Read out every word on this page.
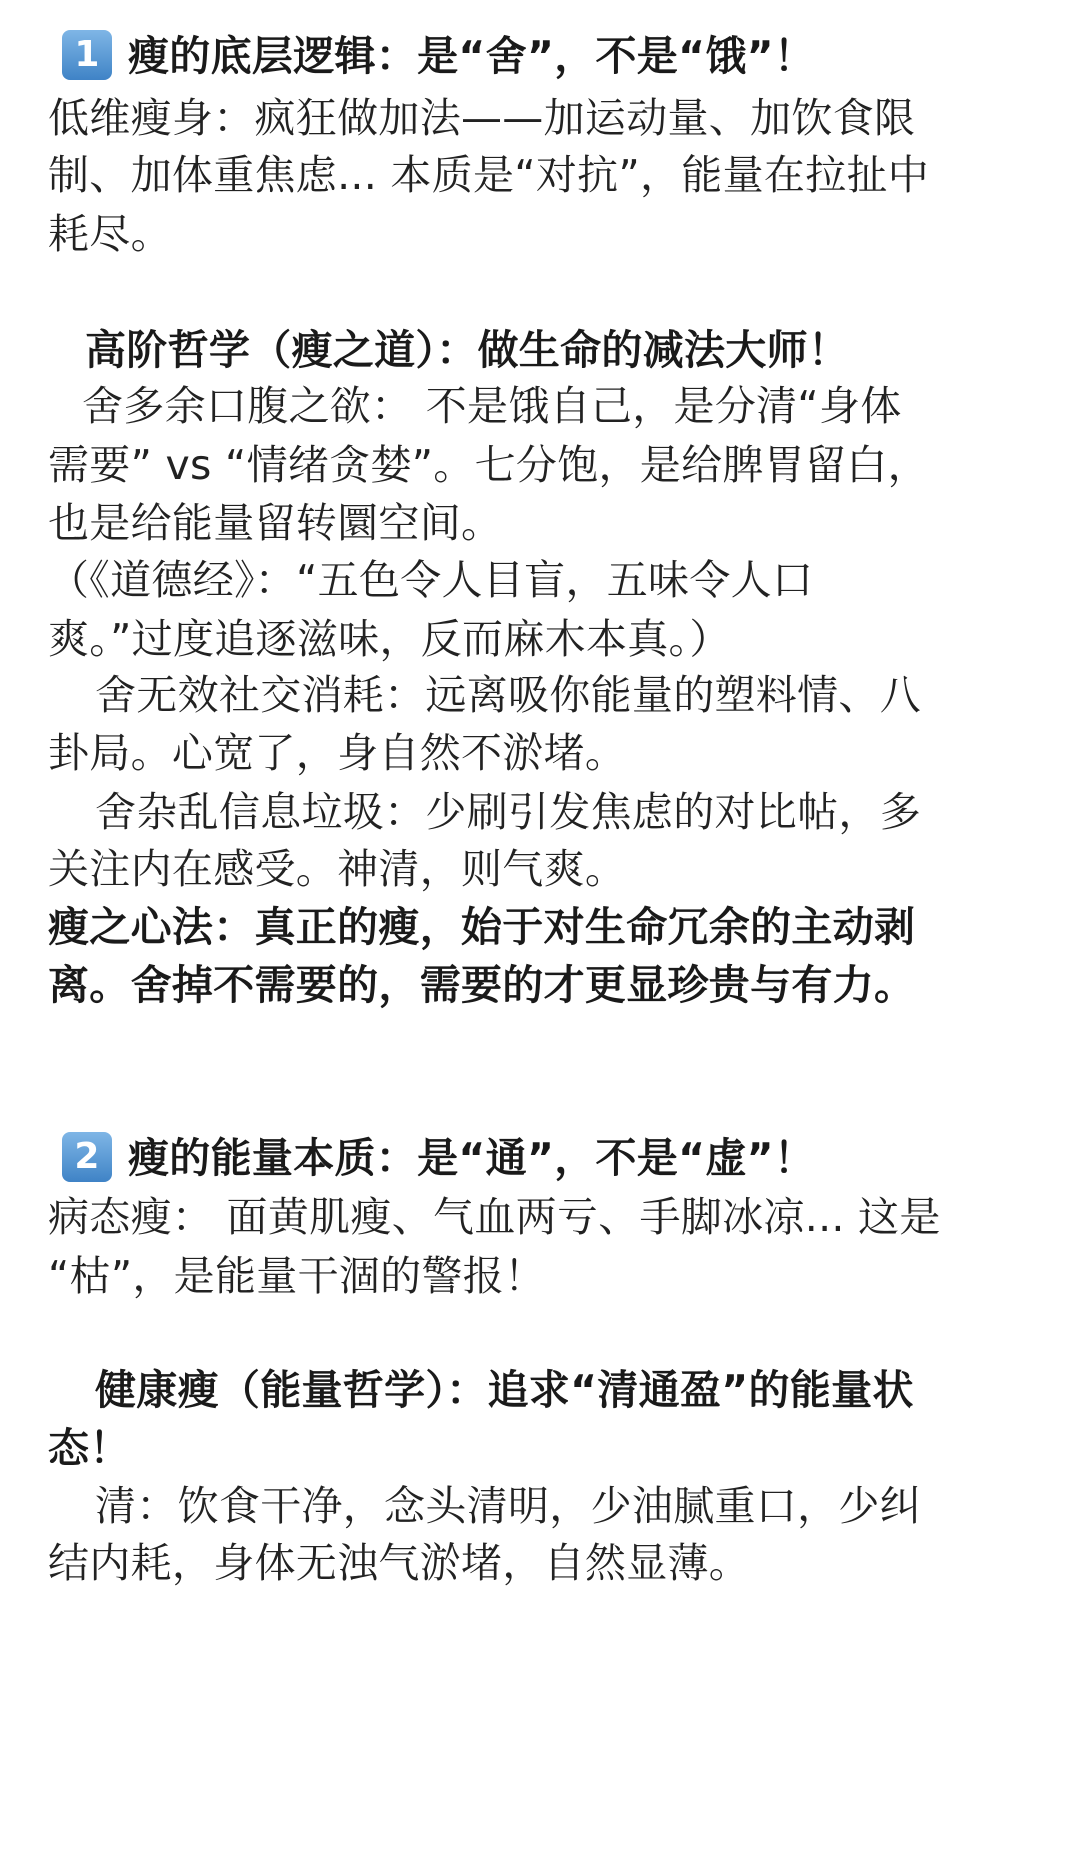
1 瘦的底层逻辑：是“舍”，不是“饿”！
低维瘦身：疯狂做加法——加运动量、加饮食限
制、加体重焦虑... 本质是“对抗”，能量在拉扯中
耗尽。
高阶哲学（瘦之道）：做生命的减法大师！
舍多余口腹之欲： 不是饿自己，是分清“身体
需要” vs “情绪贪婪”。七分饱，是给脾胃留白，
也是给能量留转圜空间。
（《道德经》：“五色令人目盲，五味令人口
爽。”过度追逐滋味，反而麻木本真。）
舍无效社交消耗：远离吸你能量的塑料情、八
卦局。心宽了，身自然不淤堵。
舍杂乱信息垃圾：少刷引发焦虑的对比帖，多
关注内在感受。神清，则气爽。
瘦之心法：真正的瘦，始于对生命冗余的主动剥
离。舍掉不需要的，需要的才更显珍贵与有力。
2 瘦的能量本质：是“通”，不是“虚”！
病态瘦： 面黄肌瘦、气血两亏、手脚冰凉... 这是
“枯”，是能量干涸的警报！
健康瘦（能量哲学）：追求“清通盈”的能量状
态！
清：饮食干净，念头清明，少油腻重口，少纠
结内耗，身体无浊气淤堵，自然显薄。
